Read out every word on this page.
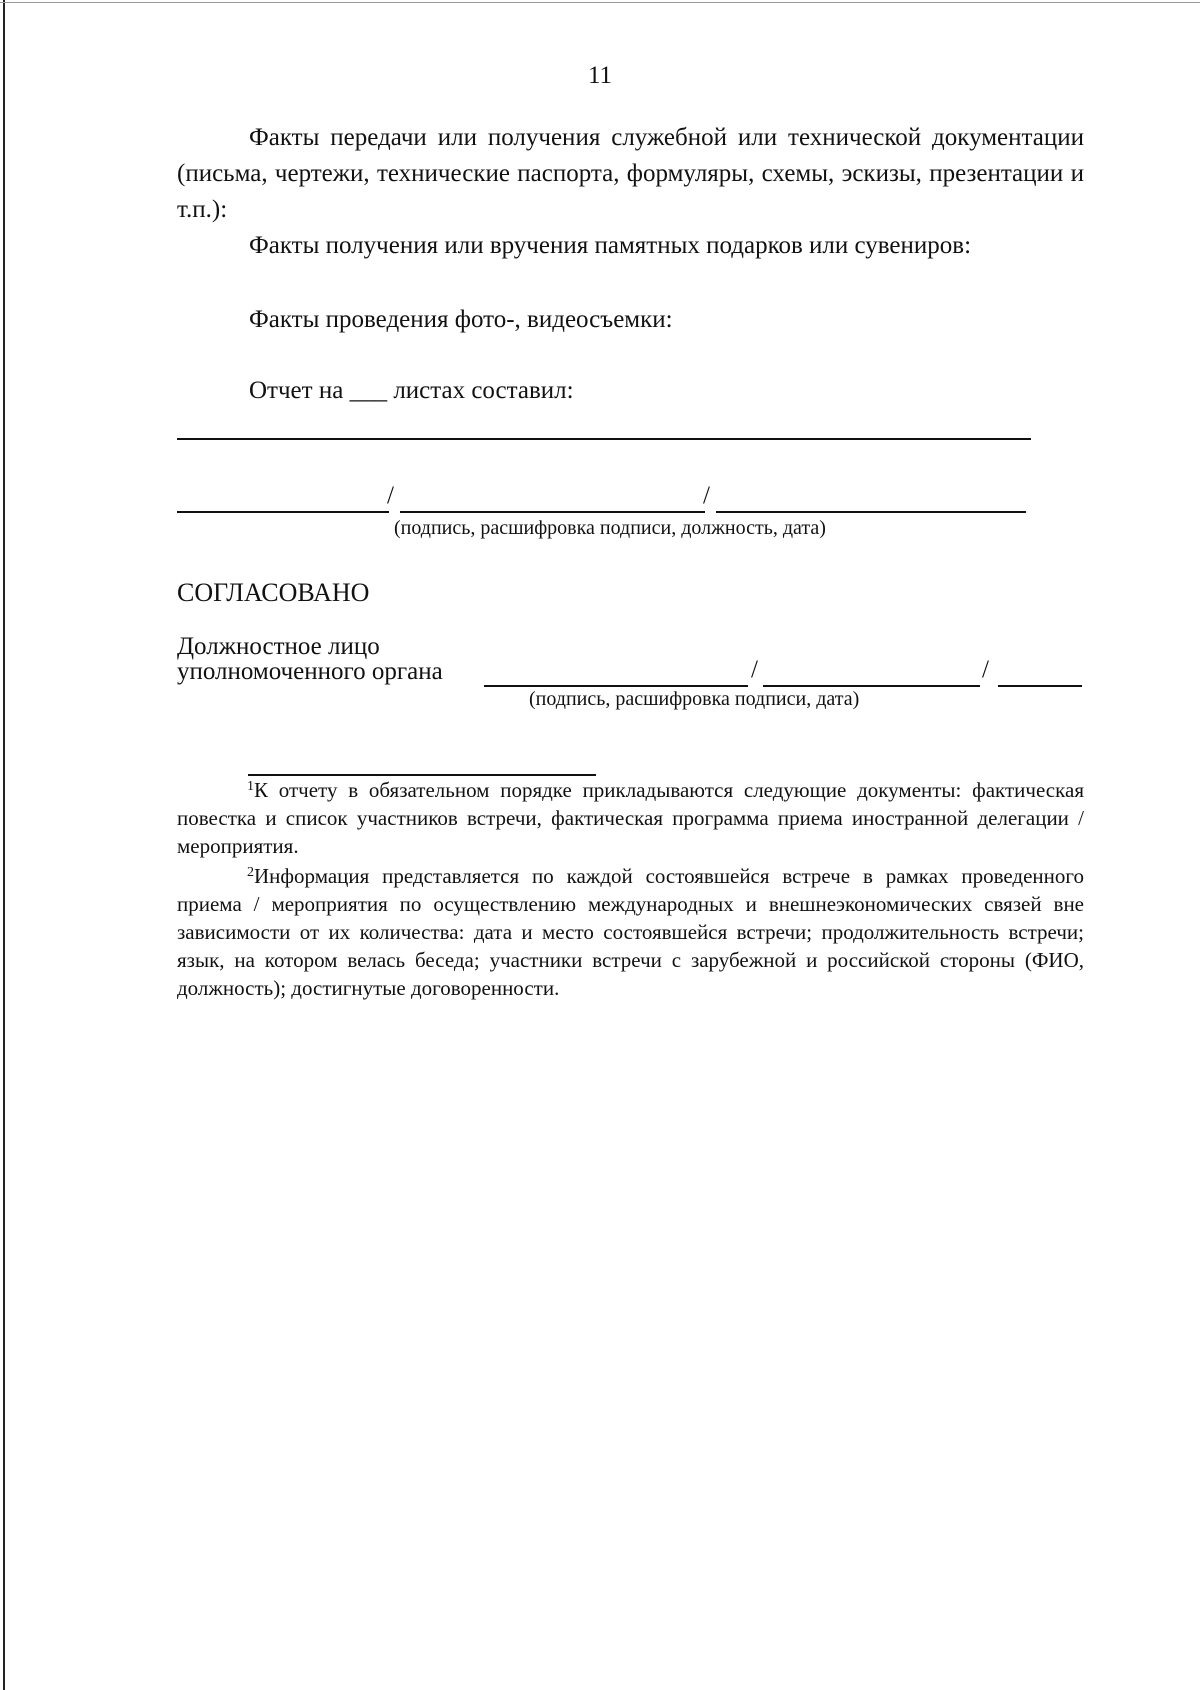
11
Факты передачи или получения служебной или технической документации (письма, чертежи, технические паспорта, формуляры, схемы, эскизы, презентации и т.п.):
Факты получения или вручения памятных подарков или сувениров:
Факты проведения фото-, видеосъемки:
Отчет на ___ листах составил:
/	/
(подпись, расшифровка подписи, должность, дата)
СОГЛАСОВАНО
Должностное лицо
уполномоченного органа	/	/
(подпись, расшифровка подписи, дата)
$^1$К отчету в обязательном порядке прикладываются следующие документы: фактическая повестка и список участников встречи, фактическая программа приема иностранной делегации / мероприятия.
$^2$Информация представляется по каждой состоявшейся встрече в рамках проведенного приема / мероприятия по осуществлению международных и внешнеэкономических связей вне зависимости от их количества: дата и место состоявшейся встречи; продолжительность встречи; язык, на котором велась беседа; участники встречи с зарубежной и российской стороны (ФИО, должность); достигнутые договоренности.
